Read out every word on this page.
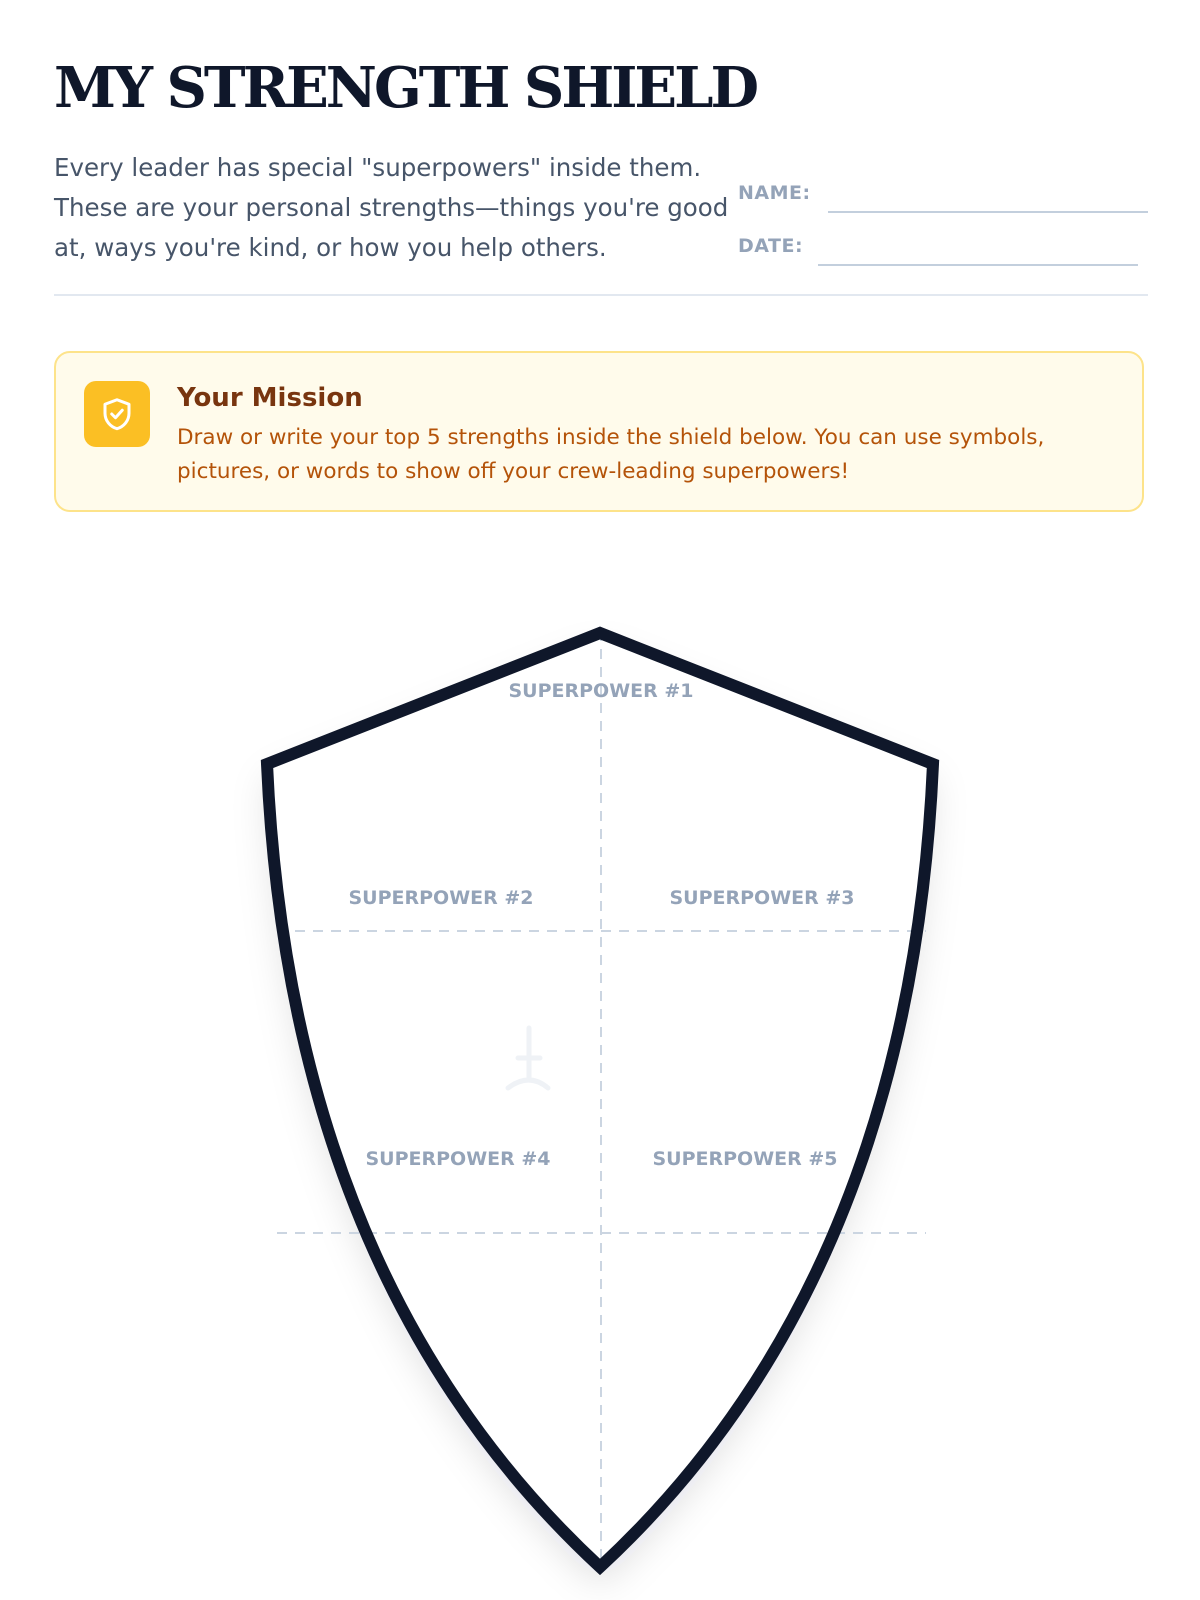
MY STRENGTH SHIELD

Every leader has special "superpowers" inside them.
These are your personal strengths—things you're good
at, ways you're kind, or how you help others.

NAME:
DATE:
Your Mission
Draw or write your top 5 strengths inside the shield below. You can use symbols,
pictures, or words to show off your crew-leading superpowers!
SUPERPOWER #1
SUPERPOWER #2	SUPERPOWER #3
SUPERPOWER #4	SUPERPOWER #5
